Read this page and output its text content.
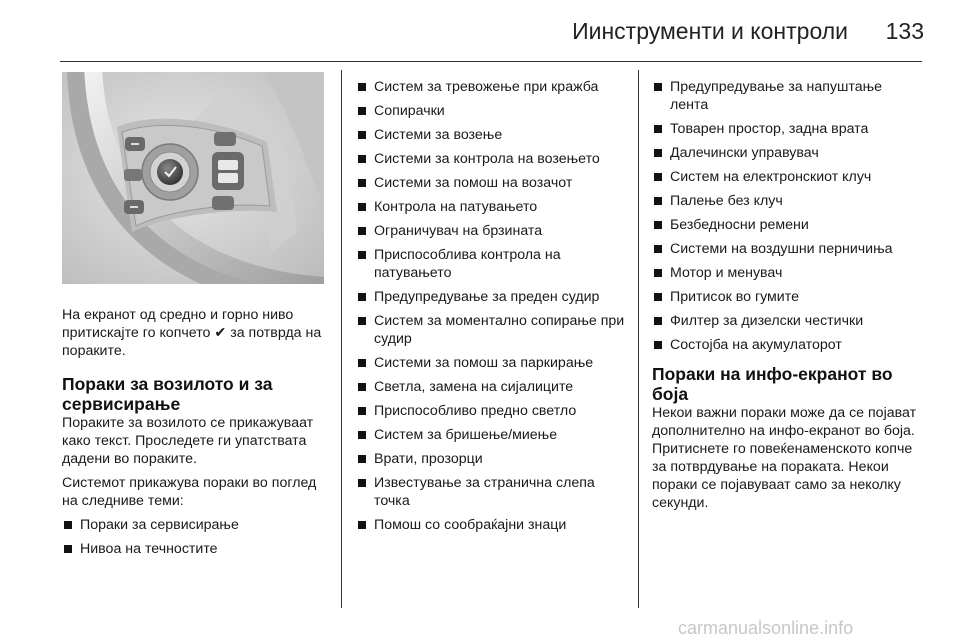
Иинструменти и контроли 133

На екранот од средно и горно ниво притискајте го копчето ✔ за потврда на пораките.

Пораки за возилото и за сервисирање

Пораките за возилото се прикажуваат како текст. Проследете ги упатствата дадени во пораките.

Системот прикажува пораки во поглед на следниве теми:

Пораки за сервисирање
Нивоа на течностите
Систем за тревожење при кражба
Сопирачки
Системи за возење
Системи за контрола на возењето
Системи за помош на возачот
Контрола на патувањето
Ограничувач на брзината
Приспособлива контрола на патувањето
Предупредување за преден судир
Систем за моментално сопирање при судир
Системи за помош за паркирање
Светла, замена на сијалиците
Приспособливо предно светло
Систем за бришење/миење
Врати, прозорци
Известување за странична слепа точка
Помош со сообраќајни знаци
Предупредување за напуштање лента
Товарен простор, задна врата
Далечински управувач
Систем на електронскиот клуч
Палење без клуч
Безбедносни ремени
Системи на воздушни перничиња
Мотор и менувач
Притисок во гумите
Филтер за дизелски честички
Состојба на акумулаторот
Пораки на инфо-екранот во боја

Некои важни пораки може да се појават дополнително на инфо-екранот во боја. Притиснете го повеќенаменското копче за потврдување на пораката. Некои пораки се појавуваат само за неколку секунди.

carmanualsonline.info
